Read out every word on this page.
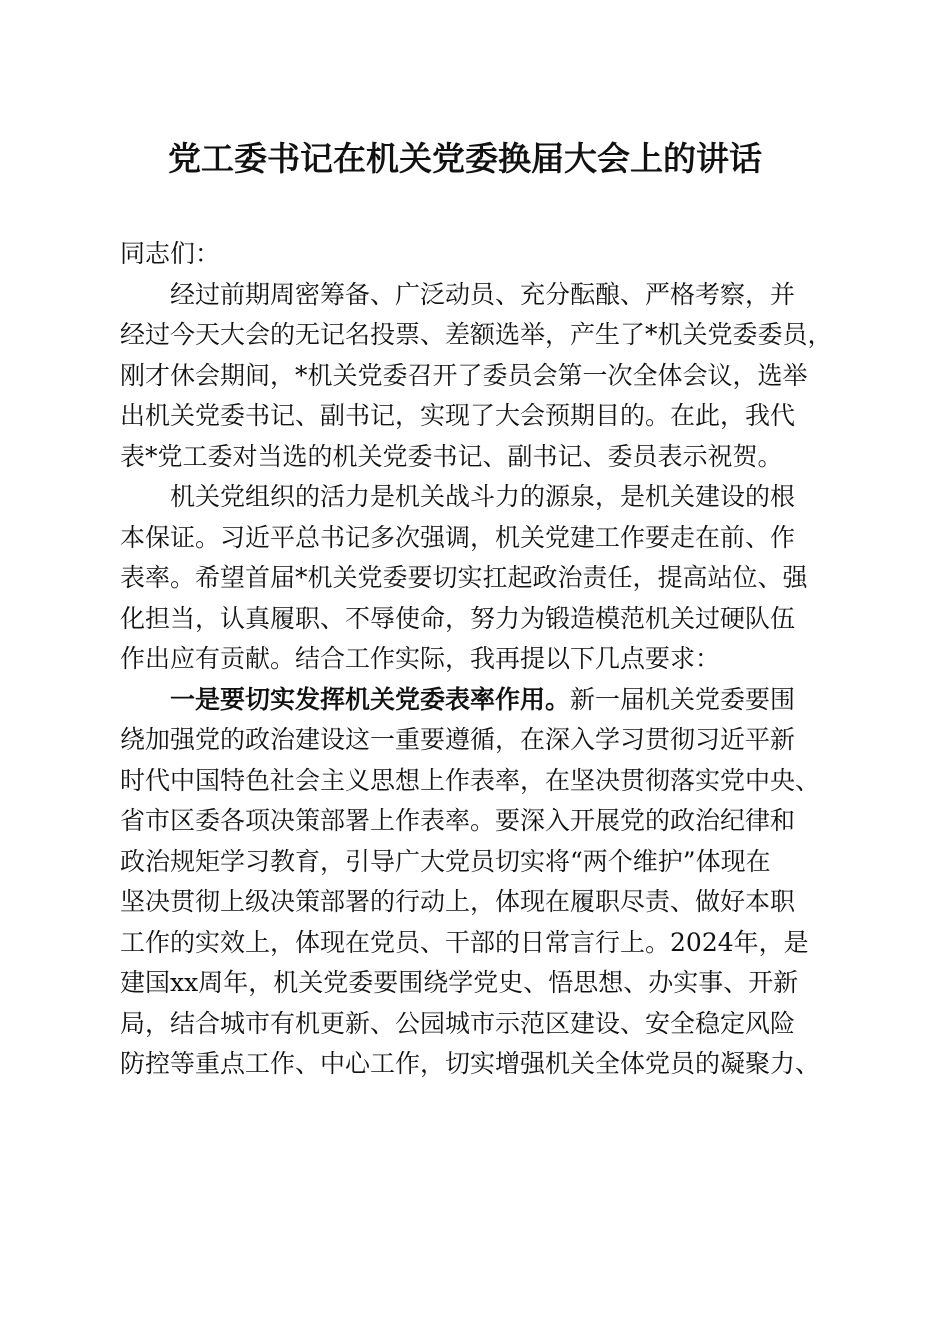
党工委书记在机关党委换届大会上的讲话
同志们：
经过前期周密筹备、广泛动员、充分酝酿、严格考察，并
经过今天大会的无记名投票、差额选举，产生了*机关党委委员，
刚才休会期间，*机关党委召开了委员会第一次全体会议，选举
出机关党委书记、副书记，实现了大会预期目的。在此，我代
表*党工委对当选的机关党委书记、副书记、委员表示祝贺。
机关党组织的活力是机关战斗力的源泉，是机关建设的根
本保证。习近平总书记多次强调，机关党建工作要走在前、作
表率。希望首届*机关党委要切实扛起政治责任，提高站位、强
化担当，认真履职、不辱使命，努力为锻造模范机关过硬队伍
作出应有贡献。结合工作实际，我再提以下几点要求：
一是要切实发挥机关党委表率作用。新一届机关党委要围
绕加强党的政治建设这一重要遵循，在深入学习贯彻习近平新
时代中国特色社会主义思想上作表率，在坚决贯彻落实党中央、
省市区委各项决策部署上作表率。要深入开展党的政治纪律和
政治规矩学习教育，引导广大党员切实将“两个维护”体现在
坚决贯彻上级决策部署的行动上，体现在履职尽责、做好本职
工作的实效上，体现在党员、干部的日常言行上。2024年，是
建国xx周年，机关党委要围绕学党史、悟思想、办实事、开新
局，结合城市有机更新、公园城市示范区建设、安全稳定风险
防控等重点工作、中心工作，切实增强机关全体党员的凝聚力、
